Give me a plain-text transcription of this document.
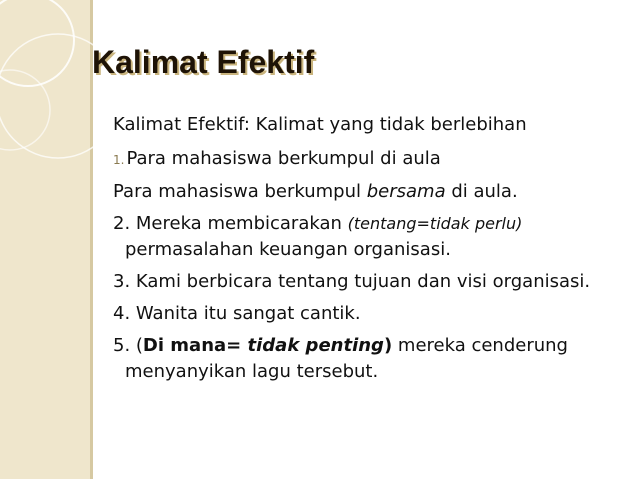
Kalimat Efektif

Kalimat Efektif: Kalimat yang tidak berlebihan

1. Para mahasiswa berkumpul di aula

Para mahasiswa berkumpul bersama di aula.

2. Mereka membicarakan (tentang=tidak perlu) permasalahan keuangan organisasi.

3. Kami berbicara tentang tujuan dan visi organisasi.

4. Wanita itu sangat cantik.

5. (Di mana= tidak penting) mereka cenderung menyanyikan lagu tersebut.
